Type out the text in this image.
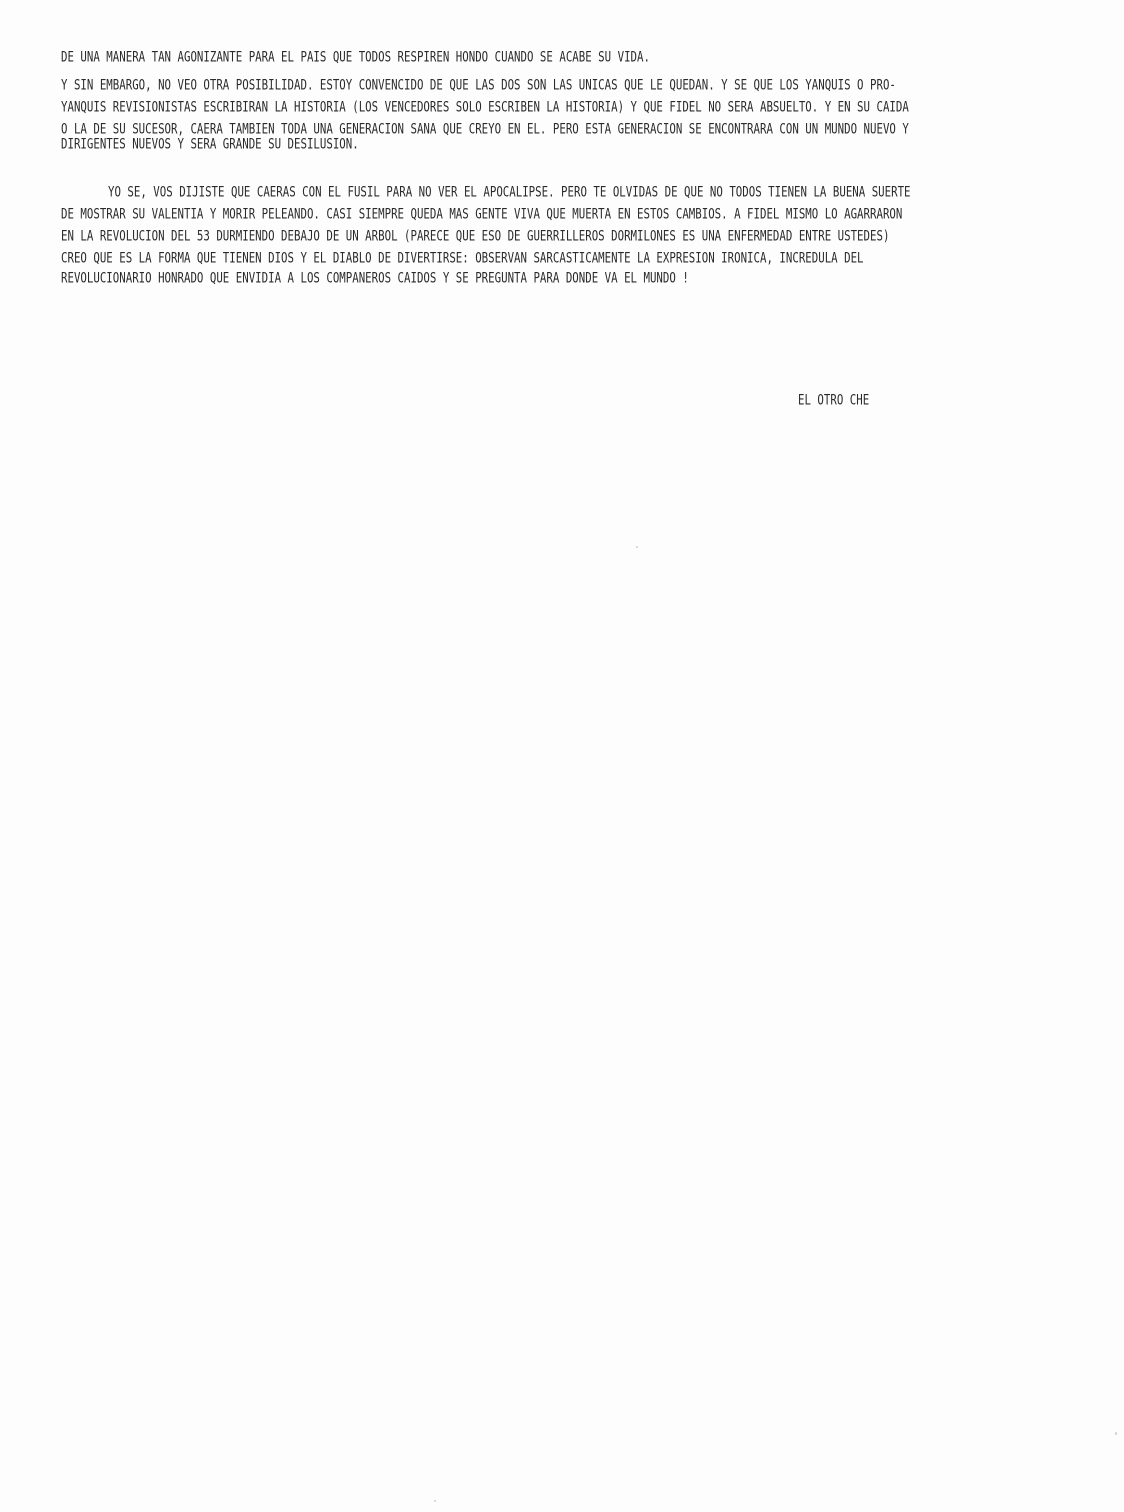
DE UNA MANERA TAN AGONIZANTE PARA EL PAIS QUE TODOS RESPIREN HONDO CUANDO SE ACABE SU VIDA.
Y SIN EMBARGO, NO VEO OTRA POSIBILIDAD. ESTOY CONVENCIDO DE QUE LAS DOS SON LAS UNICAS QUE LE QUEDAN. Y SE QUE LOS YANQUIS O PRO-
YANQUIS REVISIONISTAS ESCRIBIRAN LA HISTORIA (LOS VENCEDORES SOLO ESCRIBEN LA HISTORIA) Y QUE FIDEL NO SERA ABSUELTO. Y EN SU CAIDA
O LA DE SU SUCESOR, CAERA TAMBIEN TODA UNA GENERACION SANA QUE CREYO EN EL. PERO ESTA GENERACION SE ENCONTRARA CON UN MUNDO NUEVO Y
DIRIGENTES NUEVOS Y SERA GRANDE SU DESILUSION.
YO SE, VOS DIJISTE QUE CAERAS CON EL FUSIL PARA NO VER EL APOCALIPSE. PERO TE OLVIDAS DE QUE NO TODOS TIENEN LA BUENA SUERTE
DE MOSTRAR SU VALENTIA Y MORIR PELEANDO. CASI SIEMPRE QUEDA MAS GENTE VIVA QUE MUERTA EN ESTOS CAMBIOS. A FIDEL MISMO LO AGARRARON
EN LA REVOLUCION DEL 53 DURMIENDO DEBAJO DE UN ARBOL (PARECE QUE ESO DE GUERRILLEROS DORMILONES ES UNA ENFERMEDAD ENTRE USTEDES)
CREO QUE ES LA FORMA QUE TIENEN DIOS Y EL DIABLO DE DIVERTIRSE: OBSERVAN SARCASTICAMENTE LA EXPRESION IRONICA, INCREDULA DEL
REVOLUCIONARIO HONRADO QUE ENVIDIA A LOS COMPANEROS CAIDOS Y SE PREGUNTA PARA DONDE VA EL MUNDO !
EL OTRO CHE
